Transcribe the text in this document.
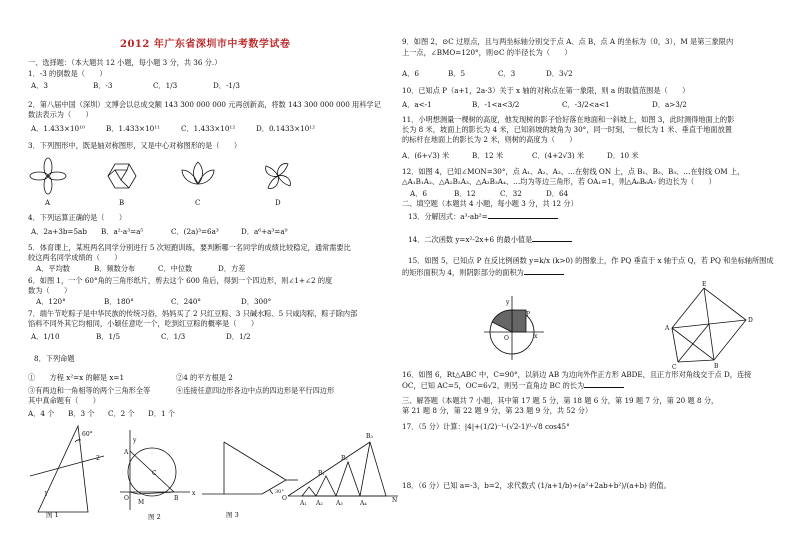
2012 年广东省深圳市中考数学试卷
一、选择题：（本大题共 12 小题，每小题 3 分，共 36 分.）
1．-3 的倒数是（　　）
A．3	B．-3	C．1/3	D．-1/3
2．第八届中国（深圳）文博会以总成交额 143 300 000 000 元再创新高，将数 143 300 000 000 用科学记
数法表示为（　　）
A．1.433×10¹⁰	B．1.433×10¹¹	C．1.433×10¹²	D．0.1433×10¹²
3．下列图形中，既是轴对称图形，又是中心对称图形的是（　　）
A	B	C	D
4．下列运算正确的是（　　）
A．2a+3b=5ab B．a²·a³=a⁵	C．(2a)³=6a³	D．a⁶+a³=a⁹
5．体育课上，某班两名同学分别进行 5 次短跑训练，要判断哪一名同学的成绩比较稳定，通常需要比
较这两名同学成绩的（　　）
A．平均数	B．频数分布	C．中位数	D．方差
6．如图 1，一个 60°角的三角形纸片，剪去这个 600 角后，得到一个四边形，则∠1+∠2 的度
数为（　　）
A．120°	B．180°	C．240°	D．300°
7．端午节吃粽子是中华民族的传统习俗，妈妈买了 2 只红豆粽、3 只碱水粽、5 只咸肉粽，粽子除内部
馅料不同外其它均相同，小颖任意吃一个，吃到红豆粽的概率是（　　）
A．1/10	B．1/5	C．1/3	D．1/2
8．下列命题
①　　方程 x²=x 的解是 x=1	②4 的平方根是 2
③有两边和一角相等的两个三角形全等	④连接任意四边形各边中点的四边形是平行四边形
其中真命题有（　　）
A．4 个 B．3 个 C．2 个 D．1 个
60°
1
2
图 1
y
A
C
B
x
O
M
图 2
30°
图 3
O	N
B₃
B₂
B₁
A₁ A₂ A₃	A₄
9．如图 2，⊙C 过原点，且与两坐标轴分别交于点 A、点 B，点 A 的坐标为（0，3），M 是第三象限内
上一点，∠BMO=120°，则⊙C 的半径长为（　　）
A．6	B．5	C．3	D．3√2
10．已知点 P（a+1，2a-3）关于 x 轴的对称点在第一象限，则 a 的取值范围是（　　）
A．a<-1	B．-1<a<3/2	C．-3/2<a<1	D．a>3/2
11．小明想测量一棵树的高度，他发现树的影子恰好落在地面和一斜坡上，如图 3，此时测得地面上的影
长为 8 米，坡面上的影长为 4 米，已知斜坡的坡角为 30°，同一时刻，一根长为 1 米、垂直于地面放置
的标杆在地面上的影长为 2 米，则树的高度为（　　）
A．(6+√3) 米	B．12 米	C．(4+2√3) 米	D．10 米
12．如图 4，已知∠MON=30°，点 A₁、A₂、A₃、…在射线 ON 上，点 B₁、B₂、B₃、…在射线 OM 上，
△A₁B₁A₂、△A₂B₂A₃、△A₃B₃A₄、…均为等边三角形，若 OA₁=1，则△A₆B₆A₇ 的边长为（　　）
A．6	B．12	C．32	D．64
二、填空题（本题共 4 小题，每小题 3 分，共 12 分）
13．分解因式：a³-ab²=
14．二次函数 y=x²-2x+6 的最小值是
15．如图 5，已知点 P 在反比例函数 y=k/x (k>0) 的图象上，作 PQ 垂直于 x 轴于点 Q，若 PQ 和坐标轴所围成
的矩形面积为 4，则阴影部分的面积为
y
P
x
O
E
A
D
B
C
16．如图 6，Rt△ABC 中，C=90°，以斜边 AB 为边向外作正方形 ABDE，且正方形对角线交于点 D，连接
OC，已知 AC=5，OC=6√2，则另一直角边 BC 的长为
三、解答题（本题共 7 小题，其中第 17 题 5 分，第 18 题 6 分，第 19 题 7 分，第 20 题 8 分，
第 21 题 8 分，第 22 题 9 分，第 23 题 9 分，共 52 分）
17．（5 分）计算：|4|+(1/2)⁻¹-(√2-1)⁰-√8 cos45°
18．（6 分）已知 a=-3，b=2，求代数式 (1/a+1/b)÷(a²+2ab+b²)/(a+b) 的值。
